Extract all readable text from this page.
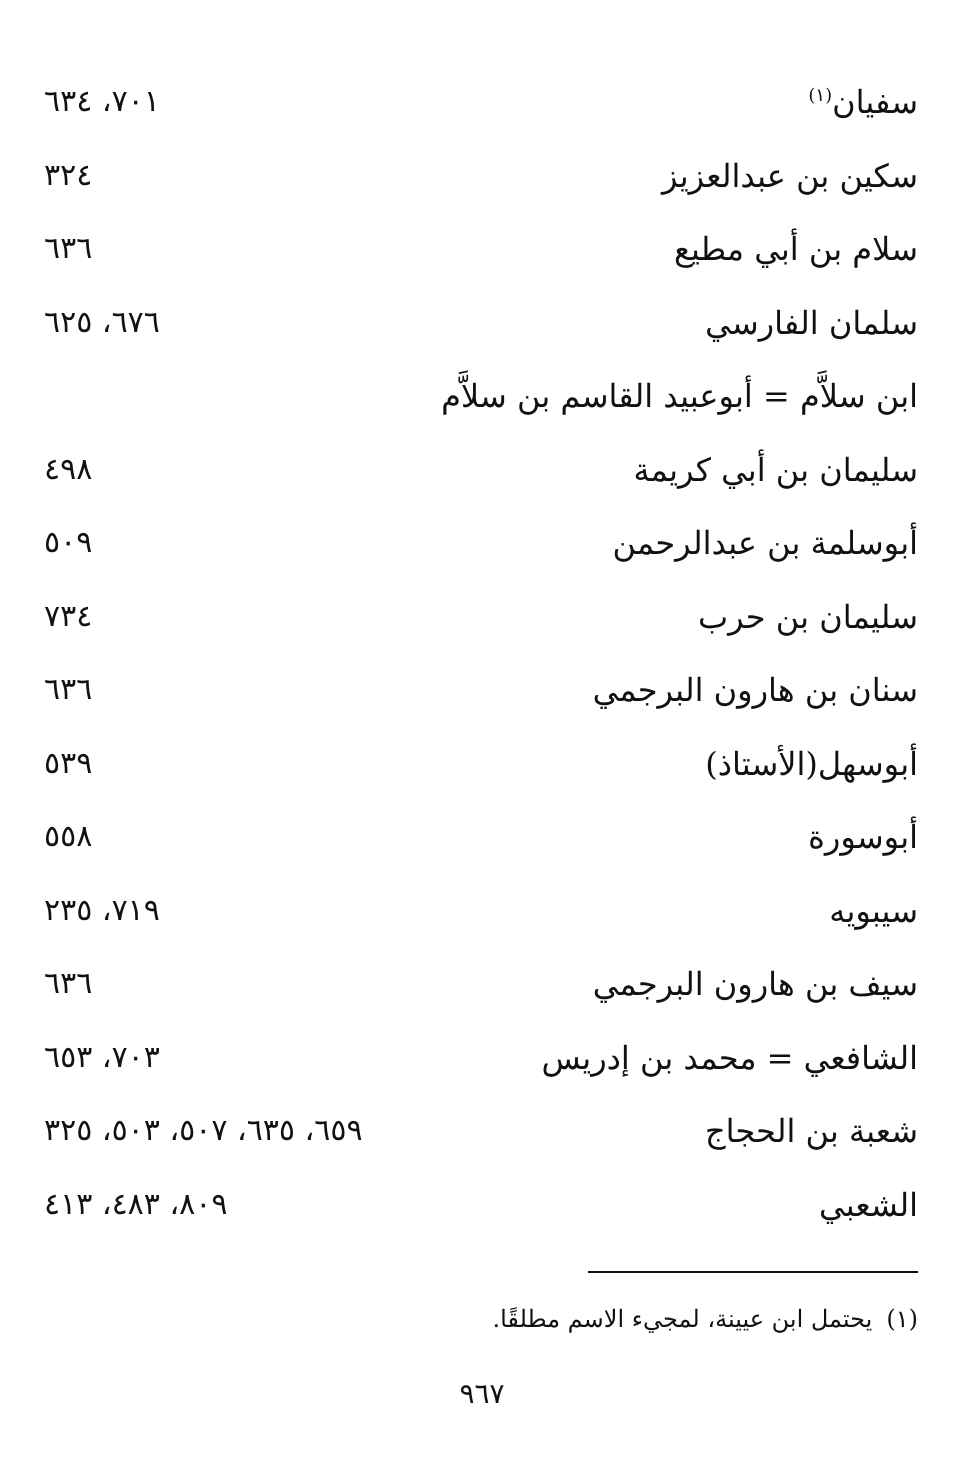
سفيان$^{(١)}$
٧٠١، ٦٣٤
سكين بن عبدالعزيز
٣٢٤
سلام بن أبي مطيع
٦٣٦
سلمان الفارسي
٦٧٦، ٦٢٥
ابن سلاَّم = أبوعبيد القاسم بن سلاَّم
سليمان بن أبي كريمة
٤٩٨
أبوسلمة بن عبدالرحمن
٥٠٩
سليمان بن حرب
٧٣٤
سنان بن هارون البرجمي
٦٣٦
أبوسهل(الأستاذ)
٥٣٩
أبوسورة
٥٥٨
سيبويه
٧١٩، ٢٣٥
سيف بن هارون البرجمي
٦٣٦
الشافعي = محمد بن إدريس
٧٠٣، ٦٥٣
شعبة بن الحجاج
٦٥٩، ٦٣٥، ٥٠٧، ٥٠٣، ٣٢٥
الشعبي
٨٠٩، ٤٨٣، ٤١٣
(١)يحتمل ابن عيينة، لمجيء الاسم مطلقًا.
٩٦٧
